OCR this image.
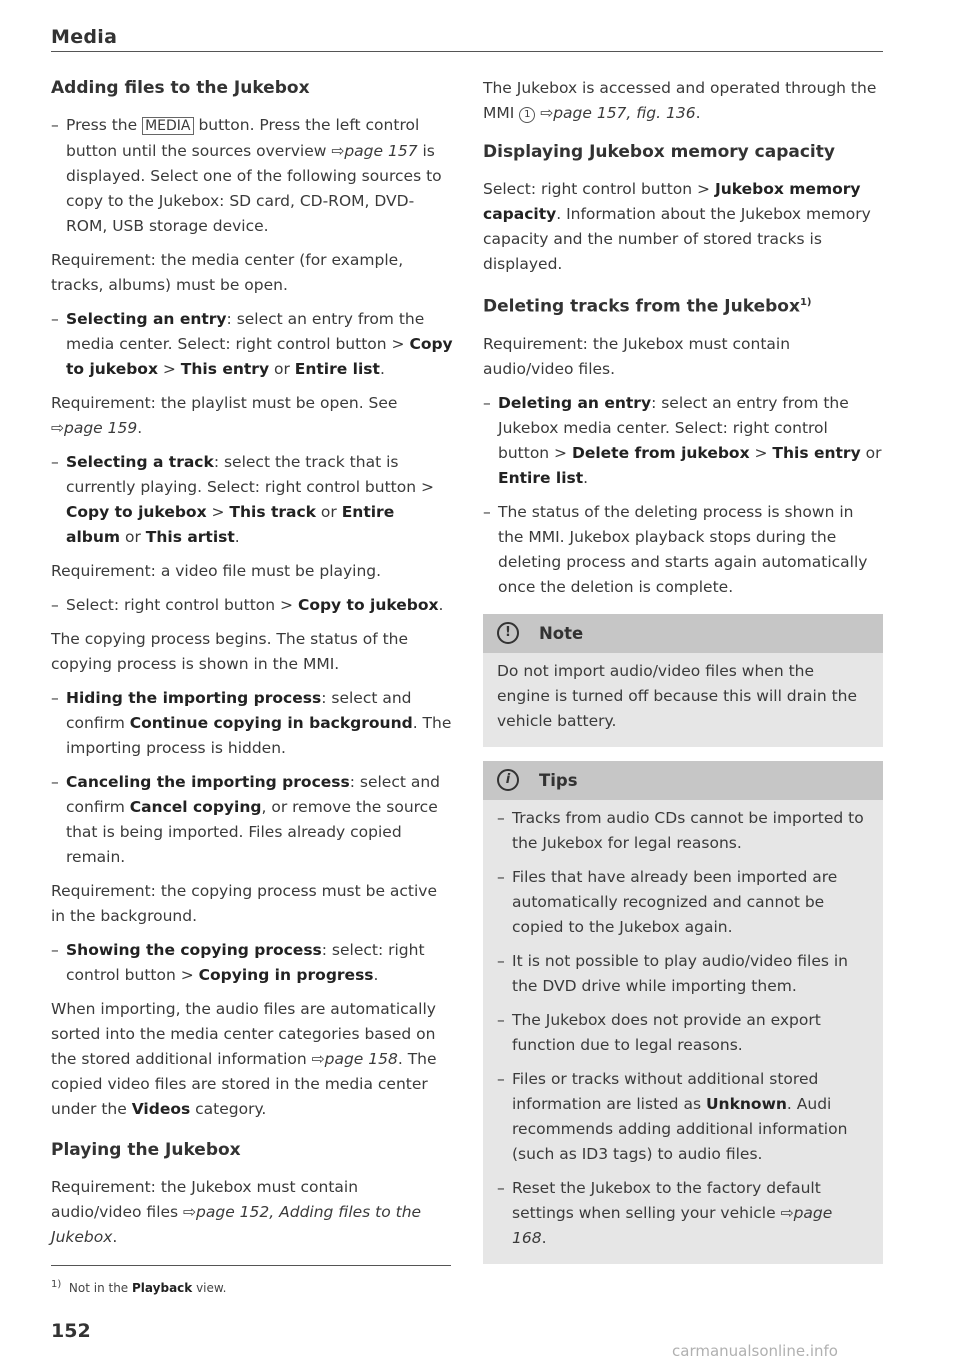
Media
Adding files to the Jukebox
– Press the MEDIA button. Press the left control button until the sources overview ⇨page 157 is displayed. Select one of the following sources to copy to the Jukebox: SD card, CD-ROM, DVD-ROM, USB storage device.
Requirement: the media center (for example, tracks, albums) must be open.
– Selecting an entry: select an entry from the media center. Select: right control button > Copy to jukebox > This entry or Entire list.
Requirement: the playlist must be open. See
⇨page 159.
– Selecting a track: select the track that is currently playing. Select: right control button > Copy to jukebox > This track or Entire album or This artist.
Requirement: a video file must be playing.
– Select: right control button > Copy to jukebox.
The copying process begins. The status of the copying process is shown in the MMI.
– Hiding the importing process: select and confirm Continue copying in background. The importing process is hidden.
– Canceling the importing process: select and confirm Cancel copying, or remove the source that is being imported. Files already copied remain.
Requirement: the copying process must be active in the background.
– Showing the copying process: select: right control button > Copying in progress.
When importing, the audio files are automatically sorted into the media center categories based on the stored additional information ⇨page 158. The copied video files are stored in the media center under the Videos category.
Playing the Jukebox
Requirement: the Jukebox must contain audio/video files ⇨page 152, Adding files to the Jukebox.
The Jukebox is accessed and operated through the MMI 1 ⇨page 157, fig. 136.
Displaying Jukebox memory capacity
Select: right control button > Jukebox memory capacity. Information about the Jukebox memory capacity and the number of stored tracks is displayed.
Deleting tracks from the Jukebox$^{1)}$
Requirement: the Jukebox must contain audio/video files.
– Deleting an entry: select an entry from the Jukebox media center. Select: right control button > Delete from jukebox > This entry or Entire list.
– The status of the deleting process is shown in the MMI. Jukebox playback stops during the deleting process and starts again automatically once the deletion is complete.
!	Note
Do not import audio/video files when the engine is turned off because this will drain the vehicle battery.
i	Tips
– Tracks from audio CDs cannot be imported to the Jukebox for legal reasons.
– Files that have already been imported are automatically recognized and cannot be copied to the Jukebox again.
– It is not possible to play audio/video files in the DVD drive while importing them.
– The Jukebox does not provide an export function due to legal reasons.
– Files or tracks without additional stored information are listed as Unknown. Audi recommends adding additional information (such as ID3 tags) to audio files.
– Reset the Jukebox to the factory default settings when selling your vehicle ⇨page 168.
$^{1)}$ Not in the Playback view.
152
carmanualsonline.info
